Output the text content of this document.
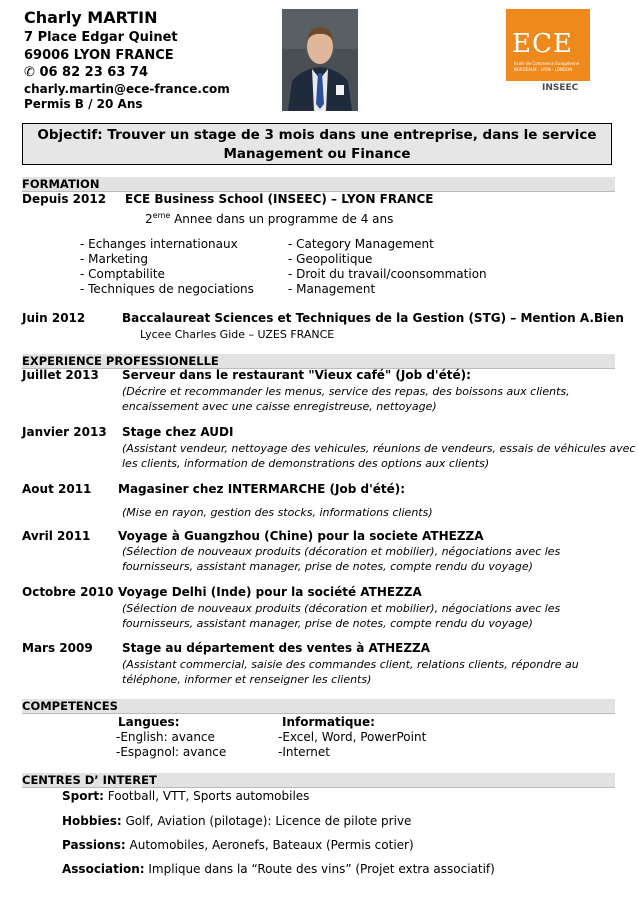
Charly MARTIN
7 Place Edgar Quinet
69006 LYON FRANCE
✆ 06 82 23 63 74
charly.martin@ece-france.com
Permis B / 20 Ans
ECE
Ecole de Commerce Européenne
BORDEAUX - LYON - LONDON
INSEEC
Objectif: Trouver un stage de 3 mois dans une entreprise, dans le service
Management ou Finance
FORMATION
Depuis 2012 ECE Business School (INSEEC) – LYON FRANCE
2eme Annee dans un programme de 4 ans
- Echanges internationaux
- Marketing
- Comptabilite
- Techniques de negociations
- Category Management
- Geopolitique
- Droit du travail/coonsommation
- Management
Juin 2012	Baccalaureat Sciences et Techniques de la Gestion (STG) – Mention A.Bien
Lycee Charles Gide – UZES FRANCE
EXPERIENCE PROFESSIONELLE
Juillet 2013 Serveur dans le restaurant "Vieux café" (Job d'été):
(Décrire et recommander les menus, service des repas, des boissons aux clients,
encaissement avec une caisse enregistreuse, nettoyage)
Janvier 2013 Stage chez AUDI
(Assistant vendeur, nettoyage des vehicules, réunions de vendeurs, essais de véhicules avec
les clients, information de demonstrations des options aux clients)
Aout 2011 Magasiner chez INTERMARCHE (Job d'été):
(Mise en rayon, gestion des stocks, informations clients)
Avril 2011 Voyage à Guangzhou (Chine) pour la societe ATHEZZA
(Sélection de nouveaux produits (décoration et mobilier), négociations avec les
fournisseurs, assistant manager, prise de notes, compte rendu du voyage)
Octobre 2010 Voyage Delhi (Inde) pour la société ATHEZZA
(Sélection de nouveaux produits (décoration et mobilier), négociations avec les
fournisseurs, assistant manager, prise de notes, compte rendu du voyage)
Mars 2009 Stage au département des ventes à ATHEZZA
(Assistant commercial, saisie des commandes client, relations clients, répondre au
téléphone, informer et renseigner les clients)
COMPETENCES
Langues:
-English: avance
-Espagnol: avance
Informatique:
-Excel, Word, PowerPoint
-Internet
CENTRES D’ INTERET
Sport: Football, VTT, Sports automobiles
Hobbies: Golf, Aviation (pilotage): Licence de pilote prive
Passions: Automobiles, Aeronefs, Bateaux (Permis cotier)
Association: Implique dans la “Route des vins” (Projet extra associatif)
